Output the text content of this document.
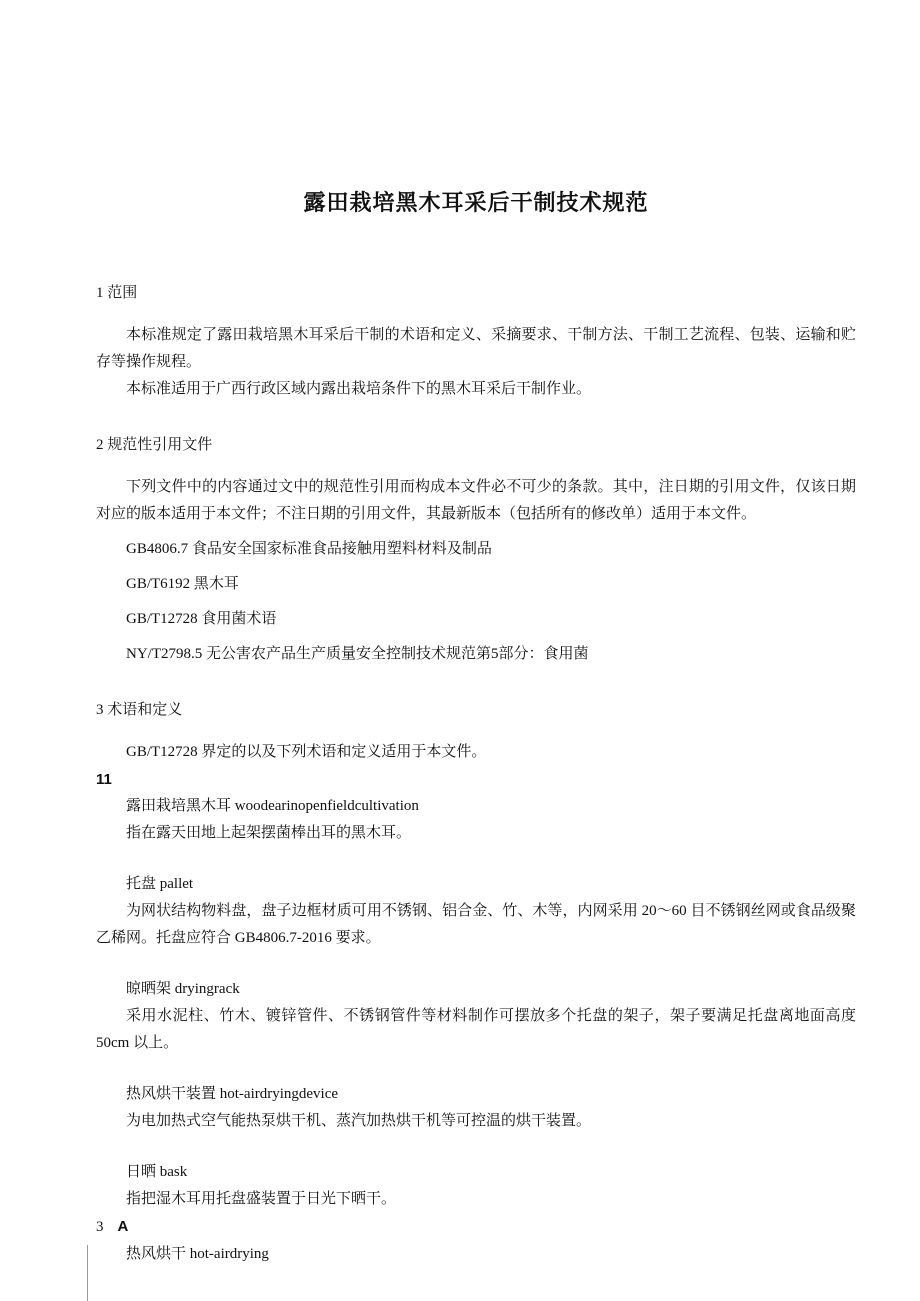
露田栽培黑木耳采后干制技术规范
1 范围

本标准规定了露田栽培黑木耳采后干制的术语和定义、采摘要求、干制方法、干制工艺流程、包装、运输和贮存等操作规程。

本标准适用于广西行政区域内露出栽培条件下的黑木耳采后干制作业。

2 规范性引用文件

下列文件中的内容通过文中的规范性引用而构成本文件必不可少的条款。其中，注日期的引用文件，仅该日期对应的版本适用于本文件；不注日期的引用文件，其最新版本（包括所有的修改单）适用于本文件。

GB4806.7 食品安全国家标准食品接触用塑料材料及制品

GB/T6192 黑木耳

GB/T12728 食用菌术语

NY/T2798.5 无公害农产品生产质量安全控制技术规范第5部分：食用菌

3 术语和定义

GB/T12728 界定的以及下列术语和定义适用于本文件。

11

露田栽培黑木耳 woodearinopenfieldcultivation

指在露天田地上起架摆菌棒出耳的黑木耳。

托盘 pallet

为网状结构物料盘，盘子边框材质可用不锈钢、铝合金、竹、木等，内网采用 20～60 目不锈钢丝网或食品级聚乙稀网。托盘应符合 GB4806.7-2016 要求。

晾晒架 dryingrack

采用水泥柱、竹木、镀锌管件、不锈钢管件等材料制作可摆放多个托盘的架子，架子要满足托盘离地面高度 50cm 以上。

热风烘干装置 hot-airdryingdevice

为电加热式空气能热泵烘干机、蒸汽加热烘干机等可控温的烘干装置。

日晒 bask

指把湿木耳用托盘盛装置于日光下晒干。

3 A

热风烘干 hot-airdrying
